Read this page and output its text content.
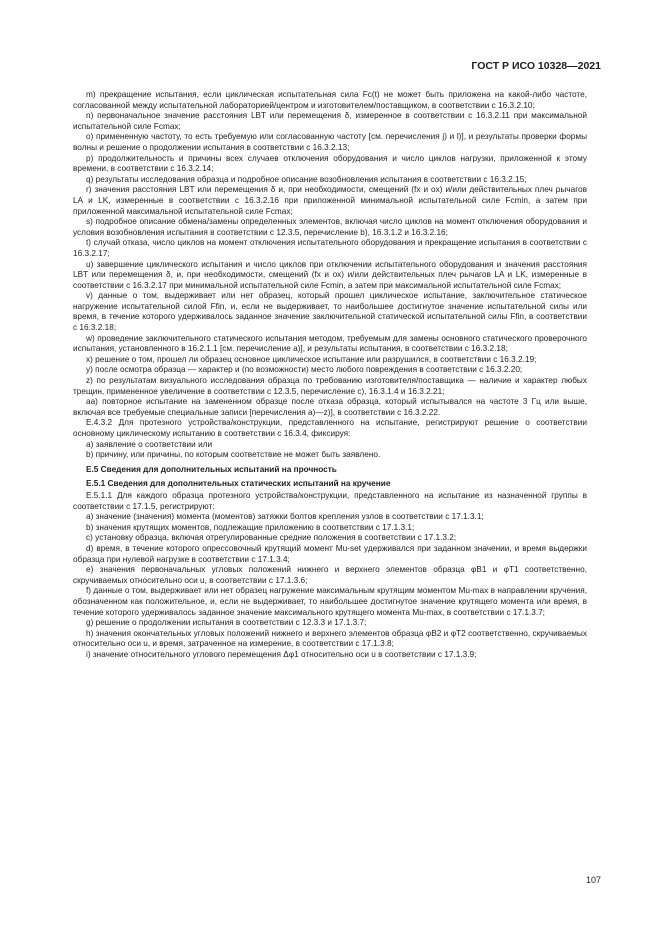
ГОСТ Р ИСО 10328—2021

m) прекращение испытания, если циклическая испытательная сила Fc(t) не может быть приложена на какой-либо частоте, согласованной между испытательной лабораторией/центром и изготовителем/поставщиком, в соответствии с 16.3.2.10;

n) первоначальное значение расстояния LBT или перемещения δ, измеренное в соответствии с 16.3.2.11 при максимальной испытательной силе Fcmax;

o) примененную частоту, то есть требуемую или согласованную частоту [см. перечисления j) и l)], и результаты проверки формы волны и решение о продолжении испытания в соответствии с 16.3.2.13;

p) продолжительность и причины всех случаев отключения оборудования и число циклов нагрузки, приложенной к этому времени, в соответствии с 16.3.2.14;

q) результаты исследования образца и подробное описание возобновления испытания в соответствии с 16.3.2.15;

r) значения расстояния LBT или перемещения δ и, при необходимости, смещений (fx и ox) и/или действительных плеч рычагов LA и LK, измеренные в соответствии с 16.3.2.16 при приложенной минимальной испытательной силе Fcmin, а затем при приложенной максимальной испытательной силе Fcmax;

s) подробное описание обмена/замены определенных элементов, включая число циклов на момент отключения оборудования и условия возобновления испытания в соответствии с 12.3.5, перечисление b), 16.3.1.2 и 16.3.2.16;

t) случай отказа, число циклов на момент отключения испытательного оборудования и прекращение испытания в соответствии с 16.3.2.17;

u) завершение циклического испытания и число циклов при отключении испытательного оборудования и значения расстояния LBT или перемещения δ, и, при необходимости, смещений (fx и ox) и/или действительных плеч рычагов LA и LK, измеренные в соответствии с 16.3.2.17 при минимальной испытательной силе Fcmin, а затем при максимальной испытательной силе Fcmax;

v) данные о том, выдерживает или нет образец, который прошел циклическое испытание, заключительное статическое нагружение испытательной силой Ffin, и, если не выдерживает, то наибольшее достигнутое значение испытательной силы или время, в течение которого удерживалось заданное значение заключительной статической испытательной силы Ffin, в соответствии с 16.3.2.18;

w) проведение заключительного статического испытания методом, требуемым для замены основного статического проверочного испытания, установленного в 16.2.1.1 [см. перечисление a)], и результаты испытания, в соответствии с 16.3.2.18;

x) решение о том, прошел ли образец основное циклическое испытание или разрушился, в соответствии с 16.3.2.19;

y) после осмотра образца — характер и (по возможности) место любого повреждения в соответствии с 16.3.2.20;

z) по результатам визуального исследования образца по требованию изготовителя/поставщика — наличие и характер любых трещин, примененное увеличение в соответствии с 12.3.5, перечисление c), 16.3.1.4 и 16.3.2.21;

aa) повторное испытание на замененном образце после отказа образца, который испытывался на частоте 3 Гц или выше, включая все требуемые специальные записи [перечисления a)—z)], в соответствии с 16.3.2.22.

E.4.3.2 Для протезного устройства/конструкции, представленного на испытание, регистрируют решение о соответствии основному циклическому испытанию в соответствии с 16.3.4, фиксируя:

a) заявление о соответствии или

b) причину, или причины, по которым соответствие не может быть заявлено.

E.5 Сведения для дополнительных испытаний на прочность

E.5.1 Сведения для дополнительных статических испытаний на кручение

E.5.1.1 Для каждого образца протезного устройства/конструкции, представленного на испытание из назначенной группы в соответствии с 17.1.5, регистрируют:

a) значение (значения) момента (моментов) затяжки болтов крепления узлов в соответствии с 17.1.3.1;

b) значения крутящих моментов, подлежащие приложению в соответствии с 17.1.3.1;

c) установку образца, включая отрегулированные средние положения в соответствии с 17.1.3.2;

d) время, в течение которого опрессовочный крутящий момент Mu-set удерживался при заданном значении, и время выдержки образца при нулевой нагрузке в соответствии с 17.1.3.4;

e) значения первоначальных угловых положений нижнего и верхнего элементов образца φB1 и φT1 соответственно, скручиваемых относительно оси u, в соответствии с 17.1.3.6;

f) данные о том, выдерживает или нет образец нагружение максимальным крутящим моментом Mu-max в направлении кручения, обозначенном как положительное, и, если не выдерживает, то наибольшее достигнутое значение крутящего момента или время, в течение которого удерживалось заданное значение максимального крутящего момента Mu-max, в соответствии с 17.1.3.7;

g) решение о продолжении испытания в соответствии с 12.3.3 и 17.1.3.7;

h) значения окончательных угловых положений нижнего и верхнего элементов образца φB2 и φT2 соответственно, скручиваемых относительно оси u, и время, затраченное на измерение, в соответствии с 17.1.3.8;

i) значение относительного углового перемещения Δφ1 относительно оси u в соответствии с 17.1.3.9;

107
